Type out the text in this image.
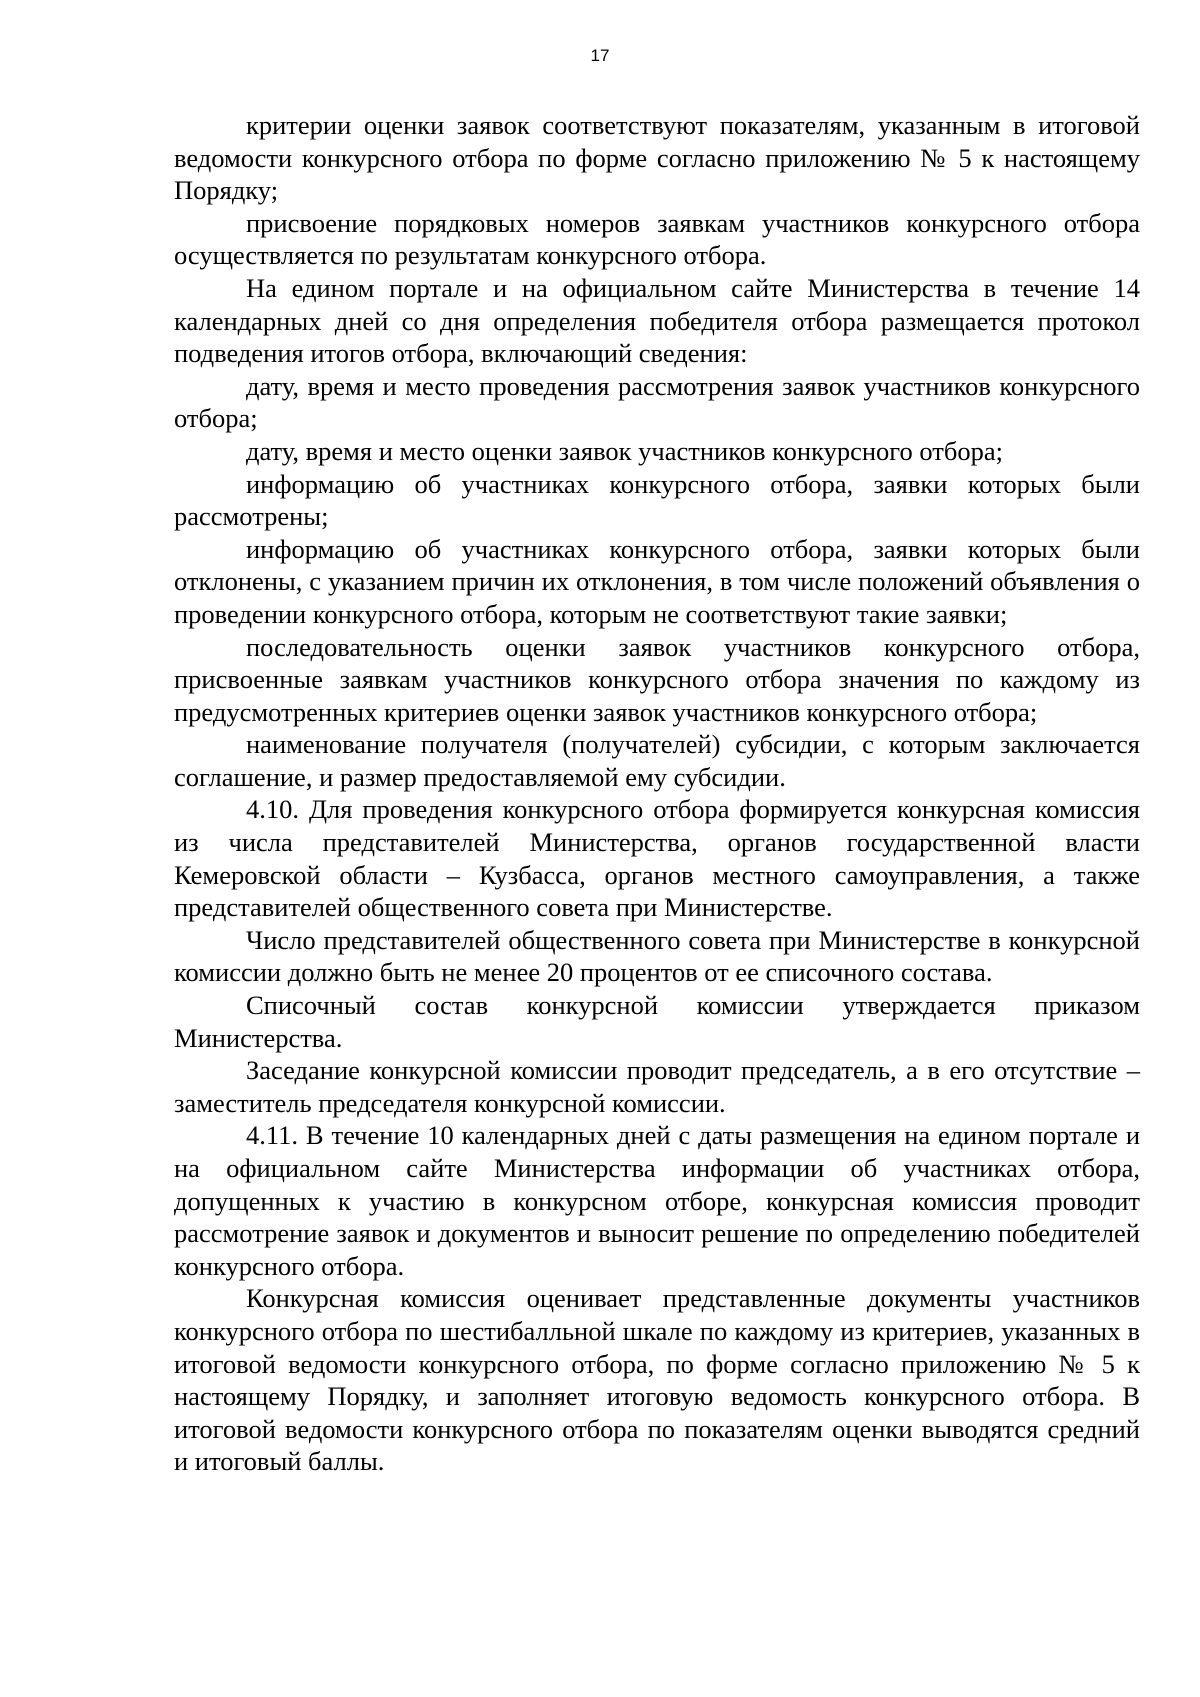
17

критерии оценки заявок соответствуют показателям, указанным в итоговой ведомости конкурсного отбора по форме согласно приложению № 5 к настоящему Порядку;

присвоение порядковых номеров заявкам участников конкурсного отбора осуществляется по результатам конкурсного отбора.

На едином портале и на официальном сайте Министерства в течение 14 календарных дней со дня определения победителя отбора размещается протокол подведения итогов отбора, включающий сведения:

дату, время и место проведения рассмотрения заявок участников конкурсного отбора;

дату, время и место оценки заявок участников конкурсного отбора;

информацию об участниках конкурсного отбора, заявки которых были рассмотрены;

информацию об участниках конкурсного отбора, заявки которых были отклонены, с указанием причин их отклонения, в том числе положений объявления о проведении конкурсного отбора, которым не соответствуют такие заявки;

последовательность оценки заявок участников конкурсного отбора, присвоенные заявкам участников конкурсного отбора значения по каждому из предусмотренных критериев оценки заявок участников конкурсного отбора;

наименование получателя (получателей) субсидии, с которым заключается соглашение, и размер предоставляемой ему субсидии.

4.10. Для проведения конкурсного отбора формируется конкурсная комиссия из числа представителей Министерства, органов государственной власти Кемеровской области – Кузбасса, органов местного самоуправления, а также представителей общественного совета при Министерстве.

Число представителей общественного совета при Министерстве в конкурсной комиссии должно быть не менее 20 процентов от ее списочного состава.

Списочный состав конкурсной комиссии утверждается приказом Министерства.

Заседание конкурсной комиссии проводит председатель, а в его отсутствие – заместитель председателя конкурсной комиссии.

4.11. В течение 10 календарных дней с даты размещения на едином портале и на официальном сайте Министерства информации об участниках отбора, допущенных к участию в конкурсном отборе, конкурсная комиссия проводит рассмотрение заявок и документов и выносит решение по определению победителей конкурсного отбора.

Конкурсная комиссия оценивает представленные документы участников конкурсного отбора по шестибалльной шкале по каждому из критериев, указанных в итоговой ведомости конкурсного отбора, по форме согласно приложению № 5 к настоящему Порядку, и заполняет итоговую ведомость конкурсного отбора. В итоговой ведомости конкурсного отбора по показателям оценки выводятся средний и итоговый баллы.
